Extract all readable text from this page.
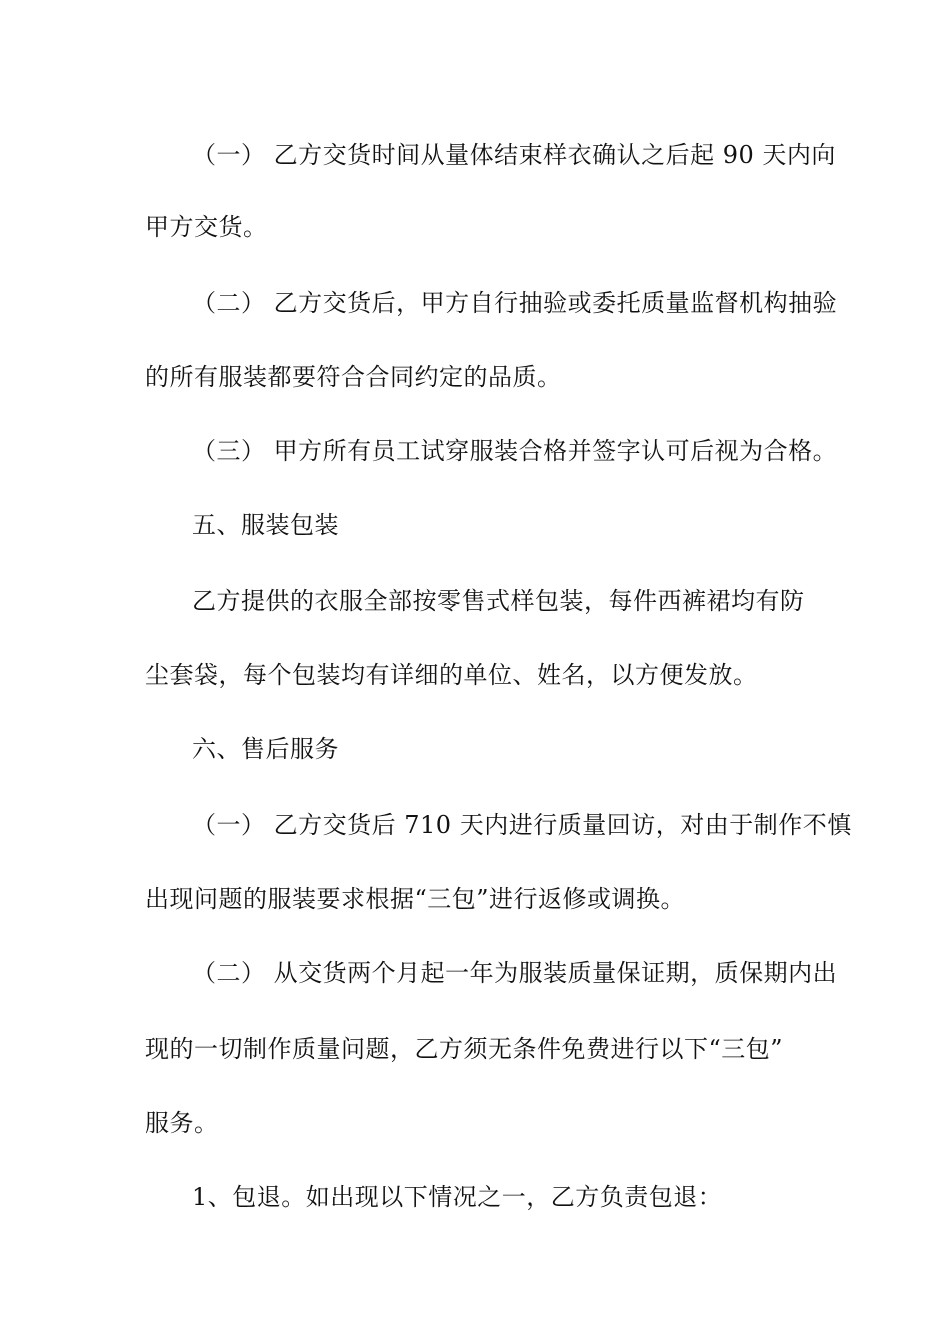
（一） 乙方交货时间从量体结束样衣确认之后起 90 天内向
甲方交货。
（二） 乙方交货后，甲方自行抽验或委托质量监督机构抽验
的所有服装都要符合合同约定的品质。
（三） 甲方所有员工试穿服装合格并签字认可后视为合格。
五、服装包装
乙方提供的衣服全部按零售式样包装，每件西裤裙均有防
尘套袋，每个包装均有详细的单位、姓名，以方便发放。
六、售后服务
（一） 乙方交货后 710 天内进行质量回访，对由于制作不慎
出现问题的服装要求根据“三包”进行返修或调换。
（二） 从交货两个月起一年为服装质量保证期，质保期内出
现的一切制作质量问题，乙方须无条件免费进行以下“三包”
服务。
1、包退。如出现以下情况之一，乙方负责包退：
